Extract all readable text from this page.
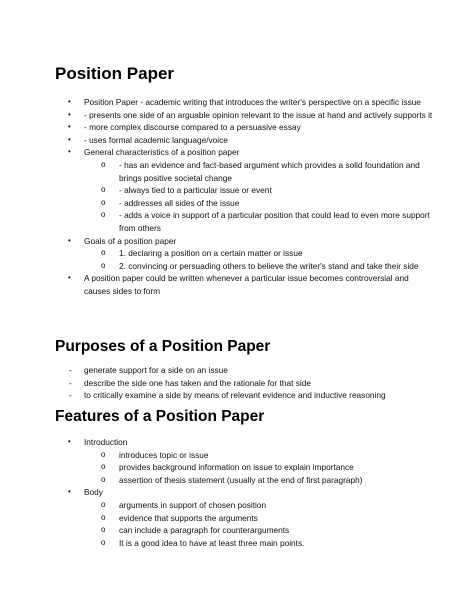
Position Paper
• Position Paper - academic writing that introduces the writer's perspective on a specific issue
• - presents one side of an arguable opinion relevant to the issue at hand and actively supports it
• - more complex discourse compared to a persuasive essay
• - uses formal academic language/voice
• General characteristics of a position paper
o - has an evidence and fact-based argument which provides a solid foundation and brings positive societal change
o - always tied to a particular issue or event
o - addresses all sides of the issue
o - adds a voice in support of a particular position that could lead to even more support from others
• Goals of a position paper
o 1. declaring a position on a certain matter or issue
o 2. convincing or persuading others to believe the writer's stand and take their side
• A position paper could be written whenever a particular issue becomes controversial and causes sides to form
Purposes of a Position Paper
- generate support for a side on an issue
- describe the side one has taken and the rationale for that side
- to critically examine a side by means of relevant evidence and inductive reasoning
Features of a Position Paper
• Introduction
o introduces topic or issue
o provides background information on issue to explain importance
o assertion of thesis statement (usually at the end of first paragraph)
• Body
o arguments in support of chosen position
o evidence that supports the arguments
o can include a paragraph for counterarguments
o It is a good idea to have at least three main points.
